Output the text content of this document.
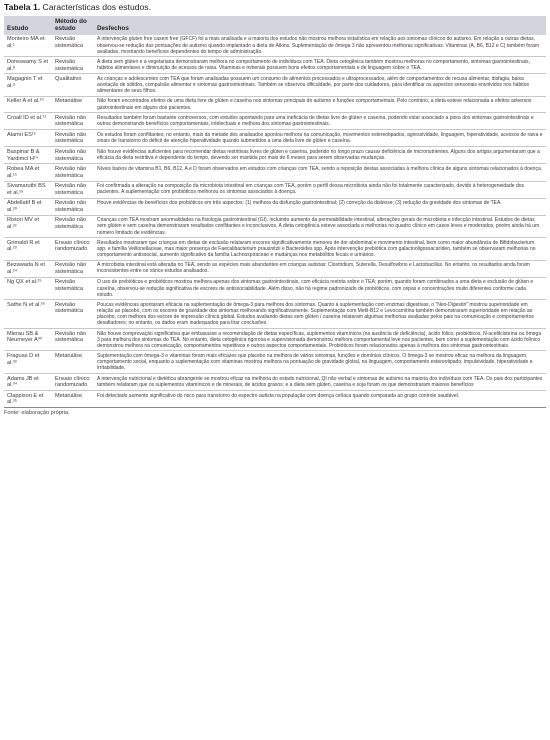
Tabela 1. Características dos estudos.
Estudo	Método do estudo	Desfechos
Monteiro MA et al.¹	Revisão sistemática	A intervenção gluten free casein free (GFCF) foi a mais analisada e a maioria dos estudos não mostrou melhora estatística em relação aos sintomas clínicos do autismo. Em relação a outras dietas, observou-se redução das pontuações de autismo quando implantado a dieta de Atkins. Suplementação de ômega 3 não apresentou melhoras significativas. Vitaminas (A, B6, B12 e C) também foram avaliadas, mostrando benefícios dependentes do tempo de administração.
Doreswamy S et al.⁸	Revisão sistemática	A dieta sem glúten e a vegetariana demonstraram melhora no comportamento de indivíduos com TEA. Dieta cetogênica também mostrou melhoras no comportamento, sintomas gastrointestinais, hábitos alimentares e diminuição de acessos de raiva. Vitaminas e minerais possuem bons efeitos comportamentais e de linguagem sobre o TEA.
Magagnin T et al.⁹	Qualitativo	As crianças e adolescentes com TEA que foram analisadas possuem um consumo de alimentos processados e ultraprocessados, além de comportamentos de recusa alimentar, disfagia, baixa aceitação de sólidos, compulsão alimentar e sintomas gastrointestinais. Também se observou dificuldade, por parte dos cuidadores, para identificar os aspectos sensoriais envolvidos nos hábitos alimentares de seus filhos.
Keller A et al.¹⁰	Metanálise	Não foram encontrados efeitos de uma dieta livre de glúten e caseína nos sintomas principais do autismo e funções comportamentais. Pelo contrário, a dieta esteve relacionada a efeitos adversos gastrointestinais em alguns dos pacientes.
Croall ID et al.¹¹	Revisão não sistemática	Resultados também foram bastante controversos, com estudos apontando para uma ineficácia de dietas livre de glúten e caseína, podendo estar associado a piora dos sintomas gastrointestinais e outros demonstrando benefícios comportamentais, intelectuais e melhora dos sintomas gastrointestinais.
Alamri ES¹²	Revisão não sistemática	Os estudos foram conflitantes; no entanto, mais da metade dos analisados apontou melhora na comunicação, movimentos estereotipados, agressividade, linguagem, hiperatividade, acessos de raiva e sinais de transtorno do déficit de atenção hiperatividade quando submetidos a uma dieta livre de glúten e caseína.
Baspinar B & Yardimci H¹⁴	Revisão não sistemática	Não houve evidências suficientes para recomendar dietas restritivas livres de glúten e caseína, podendo no longo prazo causar deficiência de micronutrientes. Alguns dos artigos argumentaram que a eficácia da dieta restritiva é dependente do tempo, devendo ser mantida por mais de 6 meses para serem observadas mudanças.
Robea MA et al.¹⁵	Revisão não sistemática	Níveis baixos de vitamina B1, B6, B12, A e D foram observados em estudos com crianças com TEA, sendo a reposição destas associadas à melhora clínica de alguns sintomas relacionados à doença.
Sivamaruthi BS et al.¹⁶	Revisão não sistemática	Foi confirmada a alteração na composição da microbiota intestinal em crianças com TEA, porém o perfil dessa microbiota ainda não foi totalmente caracterizado, devido à heterogeneidade dos pacientes. A suplementação com probióticos melhorou os sintomas associados à doença.
Abdellatif B et al.²⁰	Revisão não sistemática	Houve evidências de benefícios dos probióticos em três aspectos: (1) melhora da disfunção gastrointestinal; (2) correção da disbiose; (3) redução da gravidade dos sintomas de TEA.
Ristori MV et al.²²	Revisão não sistemática	Crianças com TEA mostram anormalidades na fisiologia gastrointestinal (GI), incluindo aumento da permeabilidade intestinal, alterações gerais de microbiota e infecção intestinal. Estudos de dietas sem glúten e sem caseína demonstraram resultados conflitantes e inconclusivos. A dieta cetogênica esteve associada a melhorias no quadro clínico em casos leves e moderados, porém ainda há um número limitado de evidências.
Grimaldi R et al.²³	Ensaio clínico randomizado	Resultados mostraram que crianças em dietas de exclusão relataram escores significativamente menores de dor abdominal e movimento intestinal, bem como maior abundância de Bifidobacterium spp. e família Veillonellaceae, mas maior presença de Faecalibacterium prausnitzii e Bacteroides spp. Após intervenção prebiótica com galactooligossacarídeo, também se observaram melhorias no comportamento antissocial, aumento significativo da família Lachnospiraceae e mudanças nos metabólitos fecais e urinários.
Bezawada N et al.²⁴	Revisão não sistemática	A microbiota intestinal está alterada no TEA, sendo as espécies mais abundantes em crianças autistas: Clostridium, Suterella, Desulfovibrio e Lactobacillus. No entanto, os resultados ainda foram inconsistentes entre os vários estudos analisados.
Ng QX et al.²⁵	Revisão sistemática	O uso de prebióticos e probióticos mostrou melhora apenas dos sintomas gastrointestinais, com eficácia restrita sobre o TEA; porém, quando foram combinados a uma dieta e exclusão de glúten e caseína, observou-se redução significativa de escores de antissociabilidade. Além disso, não há regime padronizado de probióticos, com cepas e concentrações muito diferentes conforme cada estudo.
Sathe N et al.²⁶	Revisão sistemática	Poucas evidências apontaram eficácia na suplementação de ômega-3 para melhora dos sintomas. Quanto à suplementação com enzimas digestivas, o "Neo-Digestin" mostrou superioridade em relação ao placebo, com os escores de gravidade dos sintomas melhorando significativamente. Suplementação com Metil-B12 e Levocarnitina também demonstraram superioridade em relação ao placebo, com melhora dos escore de impressão clínica global. Estudos avaliando dietas sem glúten / caseína relataram algumas melhorias avaliadas pelos pais na comunicação e comportamentos desafiadores; no entanto, os dados eram inadequados para tirar conclusões.
Mierau SB & Neumeyer A³⁰	Revisão não sistemática	Não houve comprovação significativa que embasasse a recomendação de dietas específicas, suplementos vitamínicos (na ausência de deficiência), ácido fólico, probióticos, N-acetilcisteína ou ômega 3 para melhora dos sintomas do TEA. No entanto, dieta cetogênica rigorosa e supervisionada demonstrou melhora comportamental leve nos pacientes, bem como a suplementação com ácido folínico demonstrou melhora na comunicação, comportamentos repetitivos e outros aspectos comportamentais. Probióticos foram relacionados apenas à melhora dos sintomas gastrointestinais.
Fraguas D et al.³³	Metanálise	Suplementação com ômega-3 e vitaminas foram mais eficazes que placebo na melhora de vários sintomas, funções e domínios clínicos. O ômega-3 se mostrou eficaz na melhora da linguagem, comportamento social, enquanto a suplementação com vitaminas mostrou melhora na pontuação de gravidade global, na linguagem, comportamento estereotipado, impulsividade, hiperatividade e irritabilidade.
Adams JB et al.³⁴	Ensaio clínico randomizado	A intervenção nutricional e dietética abrangente se mostrou eficaz na melhoria do estado nutricional, QI não verbal e sintomas de autismo na maioria dos indivíduos com TEA. Os pais dos participantes também relataram que os suplementos vitamínicos e de minerais, de ácidos graxos; e a dieta sem glúten, caseína e soja foram os que demonstraram maiores benefícios
Clappison E et al.³⁵	Metanálise	Foi detectado aumento significativo do risco para transtorno do espectro autista na população com doença celíaca quando comparada ao grupo controle saudável.
Fonte: elaboração própria.
